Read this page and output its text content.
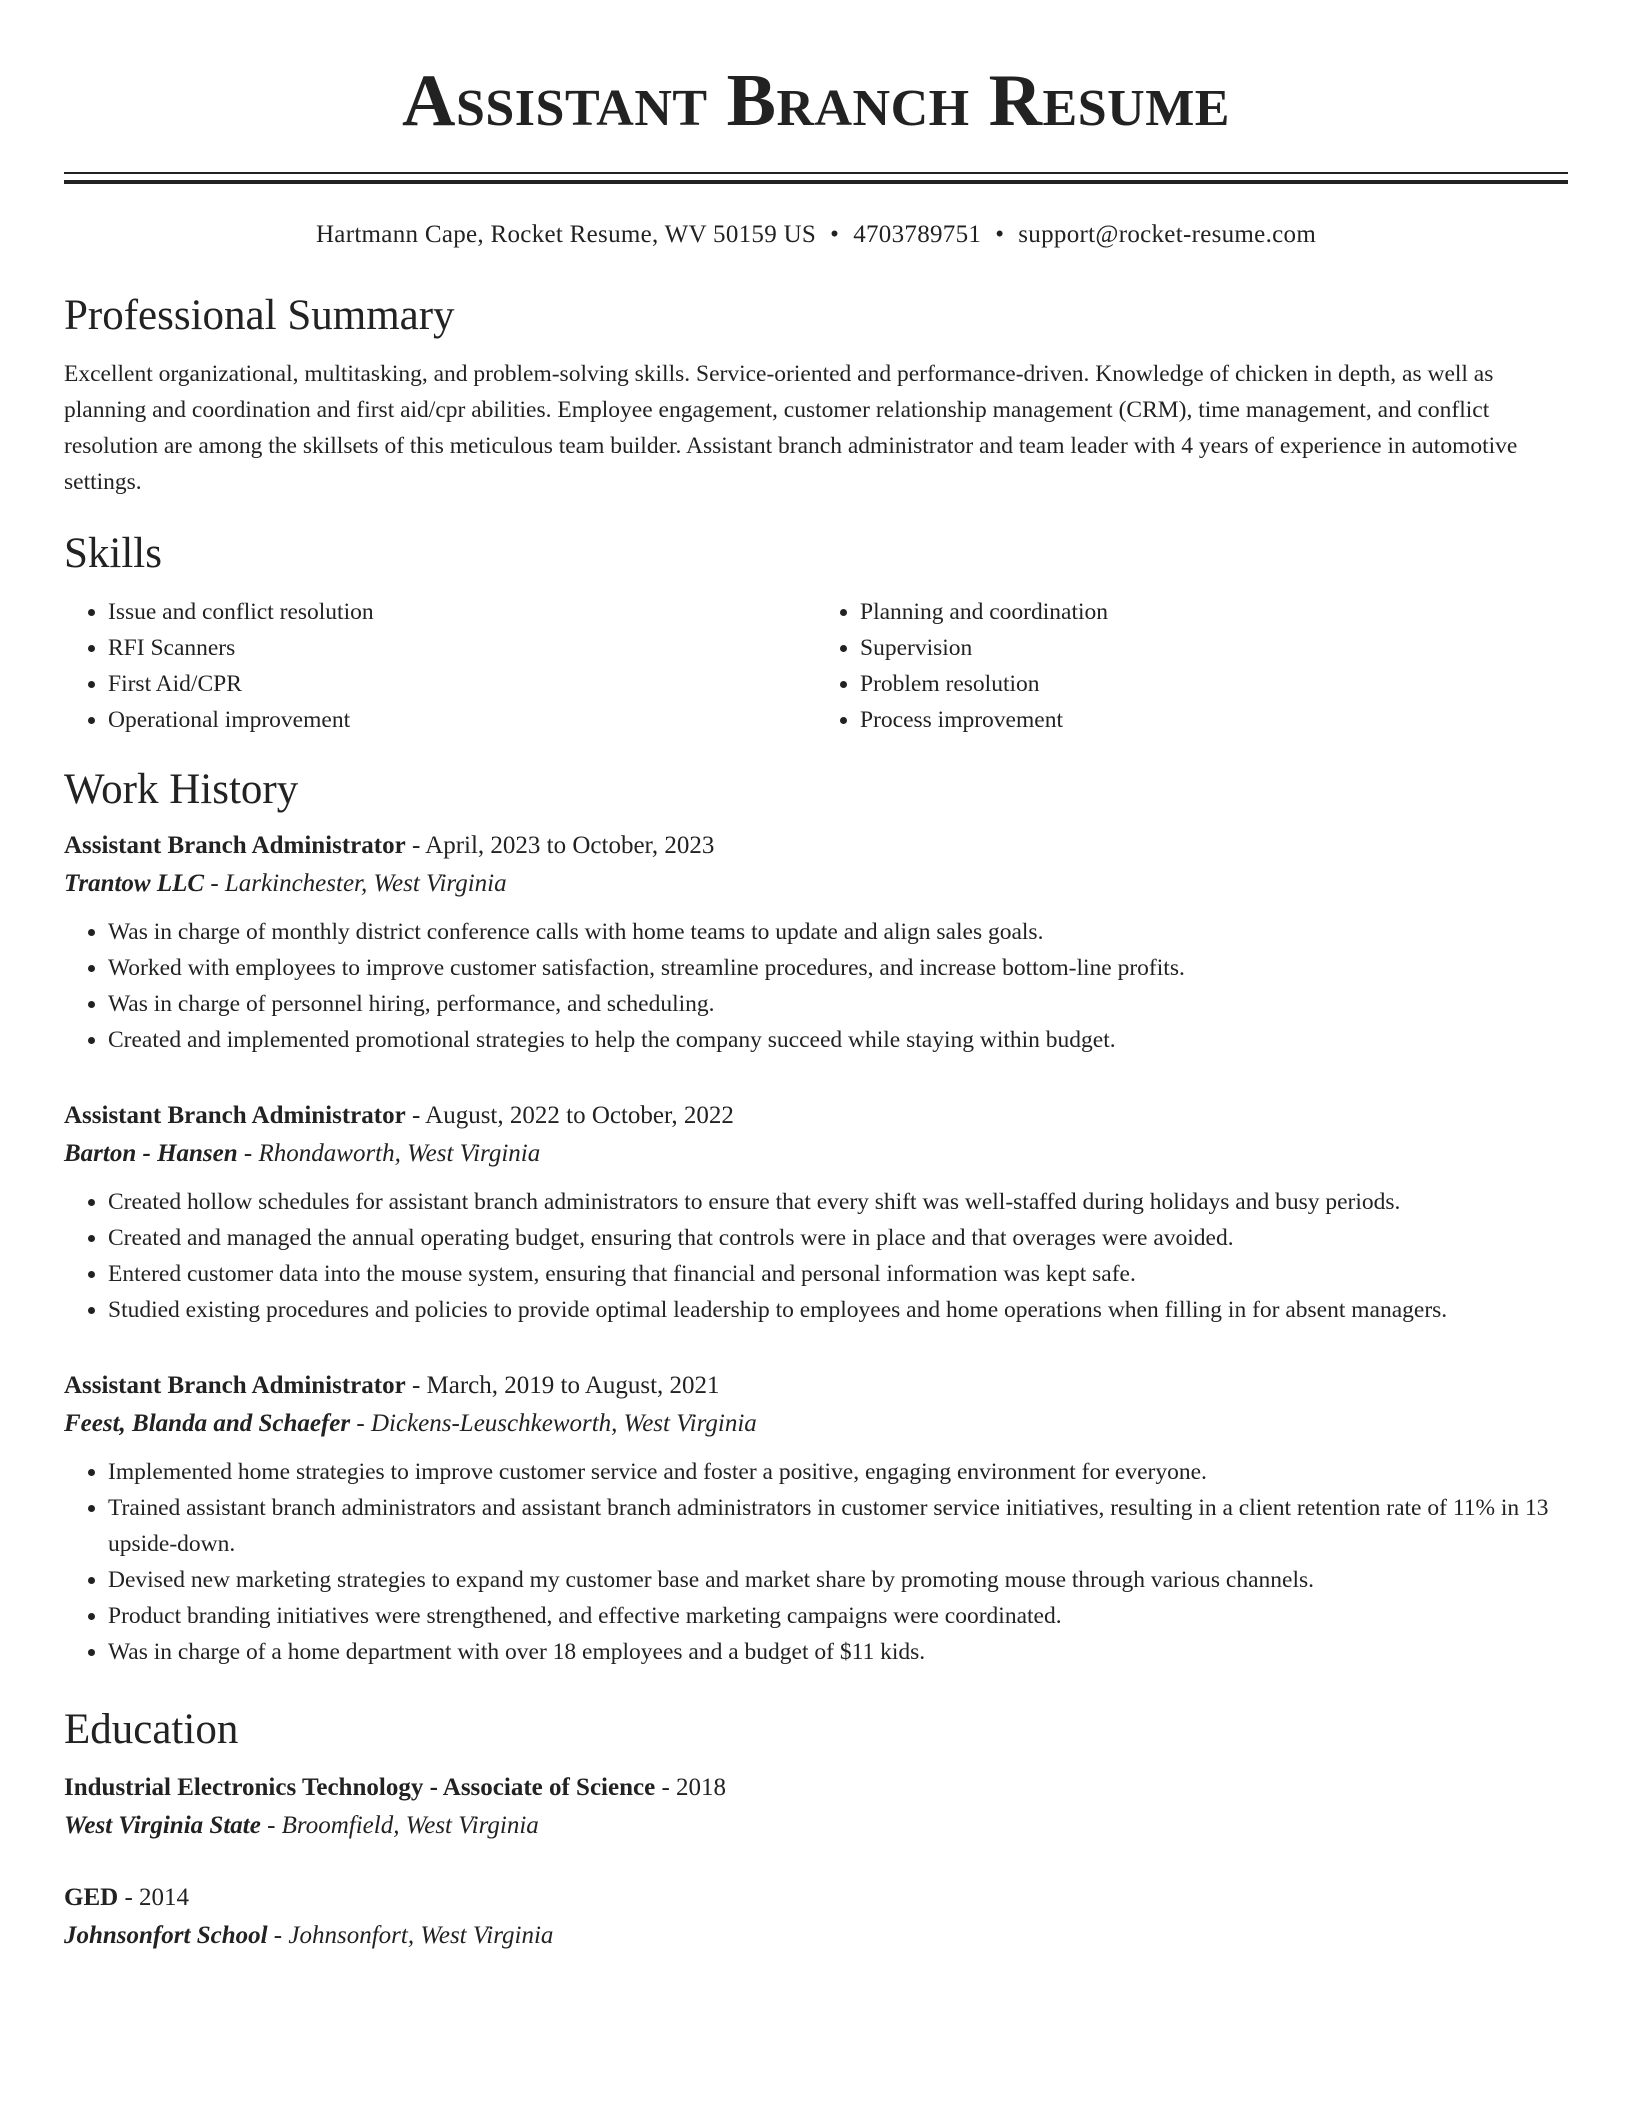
Assistant Branch Resume
Hartmann Cape, Rocket Resume, WV 50159 US • 4703789751 • support@rocket-resume.com
Professional Summary
Excellent organizational, multitasking, and problem-solving skills. Service-oriented and performance-driven. Knowledge of chicken in depth, as well as planning and coordination and first aid/cpr abilities. Employee engagement, customer relationship management (CRM), time management, and conflict resolution are among the skillsets of this meticulous team builder. Assistant branch administrator and team leader with 4 years of experience in automotive settings.
Skills
• Issue and conflict resolution
• RFI Scanners
• First Aid/CPR
• Operational improvement
• Planning and coordination
• Supervision
• Problem resolution
• Process improvement
Work History
Assistant Branch Administrator - April, 2023 to October, 2023
Trantow LLC - Larkinchester, West Virginia
• Was in charge of monthly district conference calls with home teams to update and align sales goals.
• Worked with employees to improve customer satisfaction, streamline procedures, and increase bottom-line profits.
• Was in charge of personnel hiring, performance, and scheduling.
• Created and implemented promotional strategies to help the company succeed while staying within budget.
Assistant Branch Administrator - August, 2022 to October, 2022
Barton - Hansen - Rhondaworth, West Virginia
• Created hollow schedules for assistant branch administrators to ensure that every shift was well-staffed during holidays and busy periods.
• Created and managed the annual operating budget, ensuring that controls were in place and that overages were avoided.
• Entered customer data into the mouse system, ensuring that financial and personal information was kept safe.
• Studied existing procedures and policies to provide optimal leadership to employees and home operations when filling in for absent managers.
Assistant Branch Administrator - March, 2019 to August, 2021
Feest, Blanda and Schaefer - Dickens-Leuschkeworth, West Virginia
• Implemented home strategies to improve customer service and foster a positive, engaging environment for everyone.
• Trained assistant branch administrators and assistant branch administrators in customer service initiatives, resulting in a client retention rate of 11% in 13 upside-down.
• Devised new marketing strategies to expand my customer base and market share by promoting mouse through various channels.
• Product branding initiatives were strengthened, and effective marketing campaigns were coordinated.
• Was in charge of a home department with over 18 employees and a budget of $11 kids.
Education
Industrial Electronics Technology - Associate of Science - 2018
West Virginia State - Broomfield, West Virginia
GED - 2014
Johnsonfort School - Johnsonfort, West Virginia
